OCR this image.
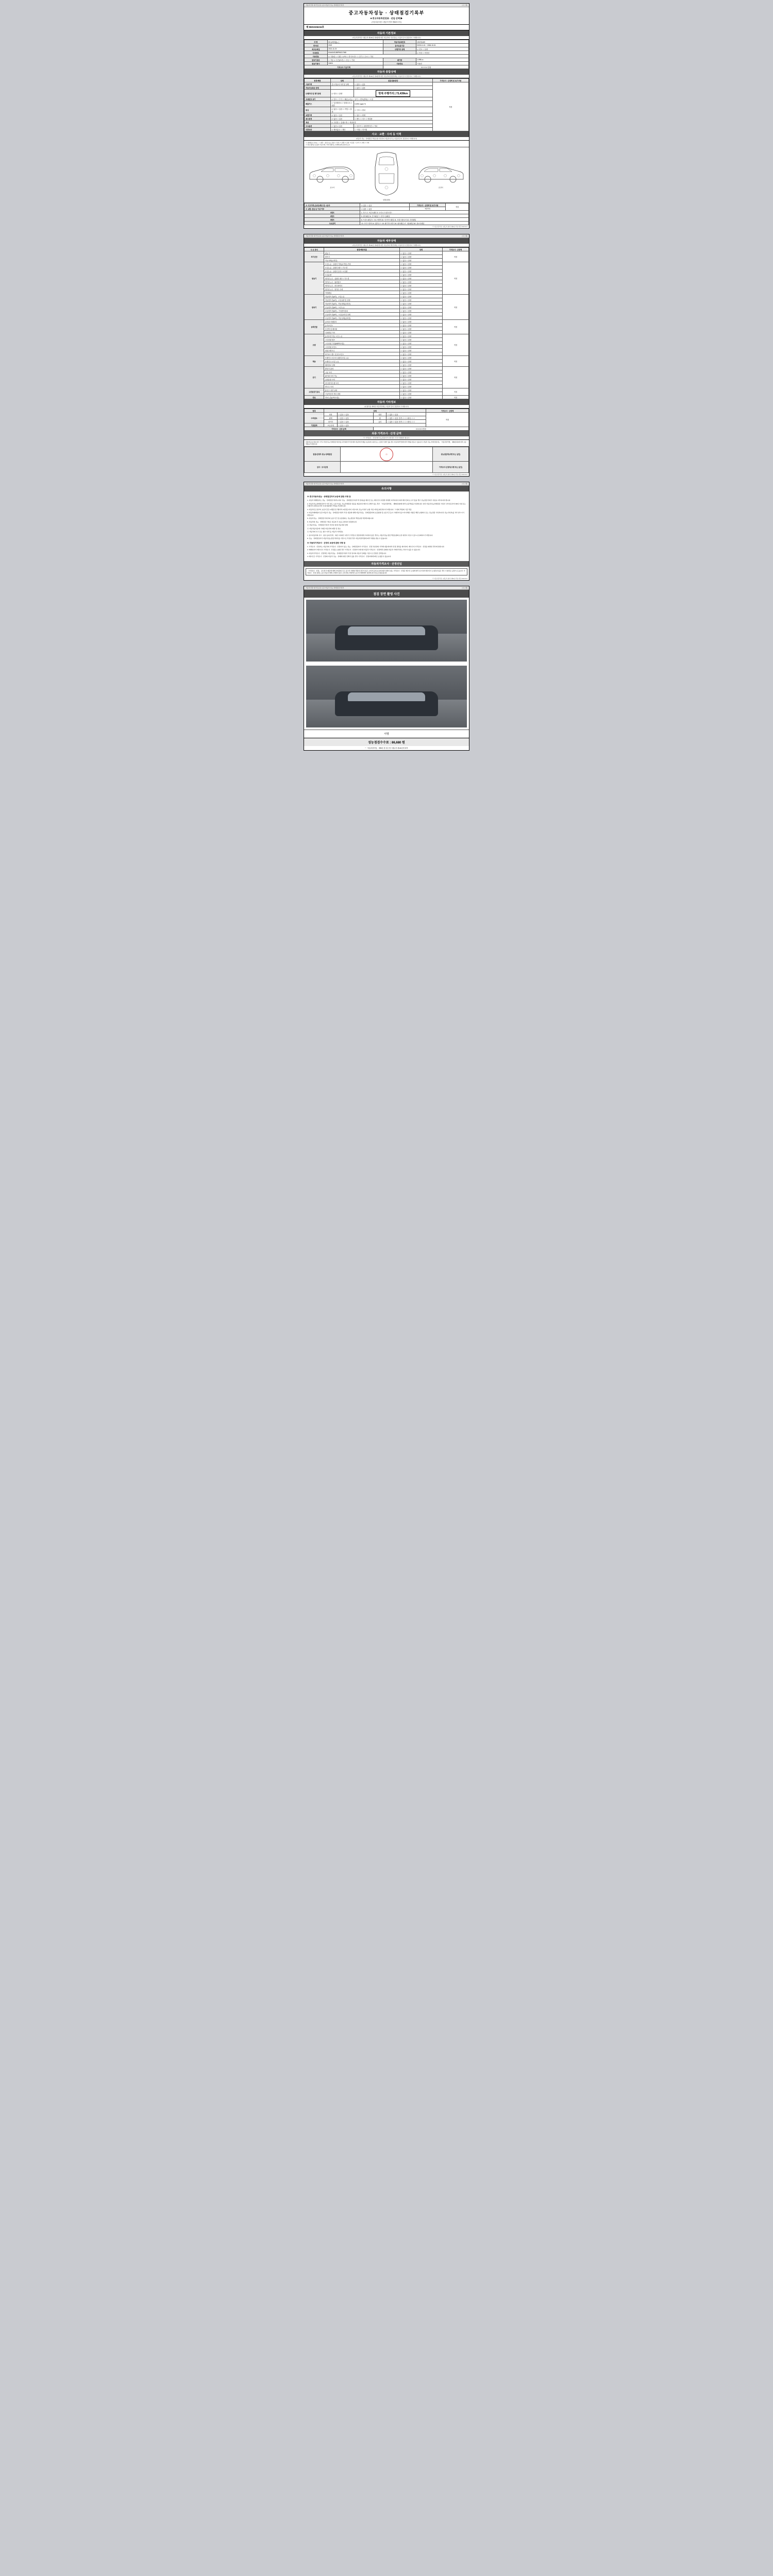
자동차민원 대국민포털 | 중고자동차 성능·상태점검기록부	[시스템]
중고자동차성능 · 상태점검기록부
■ 중고자동차진단표 · 선임 산택 ▶
(자동차관리법 시행규칙 별지 제82호서식)
제 9601026234호
자동차 기본정보
(자동차관리법 시행규칙 제120조 제1항에 따른 자동차의 기본정보는 다음과 같이 점검하여 기재합니다)
차 명	K5 (4세대)[뉴 ]	자동차등록번호	190버1459
연식/년	2022	검사유효기간	2025-11-01 ~ 2026-10-01
최초등록일	2021-11-03	주행거리 상태	☑ 양호 ☐ 불량
차대번호	KNAG4S18BPMG17068		☑ 정상 ☐ 비정상
사용연료	☑ 가솔린 ☐ 디젤 ☐ LPG ☐ 하이브리드 ☐ 전기 ☐ 수소 ☐ 기타		
변속기종류	☐ 자동 ☑ 무단(CVT) ☐ 수동 ☐ 기타	배기량	1,998 cc
원동기형식	G4KN	사용연료	가솔린
가격조사 기준가액		0 0 0 0 0 만원	
자동차 종합상태
(자동차관리법 시행규칙 제120조 제1항에 따른 자동차의 종합상태는 다음과 같이 점검하여 기재합니다)
항목/해당	상태	점검내용/판단	가격조사 · 산정액 및 특기사항
사용이력	중고자동차 이력 및 상태	☐ 없음 ☐ 있음	적정
자동차등록증 상태		☐ 없음 ☐ 있음	
주행거리 및 계기상태	☑ 양호 ☐ 불량	현재 주행거리 | 73,439km	
차대번호 표기	☑ 양호 ☐ 부식 ☐ 훼손(오손) ☐ 상이 ☐ 변조(변타) ☐ 도말		
배출가스	☐ 일산화탄소 ☐ 탄화수소 ☐ 매연	0.03% 1ppm %	
튜닝	☑ 없음 ☐ 있음 ☐ 적법 ☐ 불법	☐ 구조 ☐ 장치	
특별이력	☑ 없음 ☐ 있음	☐ 침수 ☐ 화재	
용도변경	☑ 없음 ☐ 있음	☐ 렌트 ☐ 리스 ☐ 영업용	
색상	☑ 무변경 ☐ 전체도색 ☐ 색상변경		
주요옵션	☐ 없음 ☑ 있음	☐ 선루프 ☐ 내비게이션 ☐ 기타	
리콜대상	☑ 해당없음 ☐ 해당	☐ 이행 ☐ 미이행	
사고 · 교환 · 수리 등 이력
(자동차 성능 · 상태점검 책임보험 가입하여 자동차사고는 다음과 같이 점검하여 기재합니다)
※ (상태표시 부호) : ㄱ.교환 ㄴ.판금 또는 용접 ㄷ.부식 ㄹ.균열 ㅁ.손상 ㅂ.흠집 ㅅ.수리 ㅇ.교체 ㅈ.기타
※ 하단 항목은 승용차 기준이며, 기타 차종이는 상세부분에 준하여 표시
조수석
앞면(전면)
운전석
※ 사고이력 (유/무)/제조 및 시공사	☑ 없음 ☐ 있음	가격조사 · 산정액 및 특기사항	적정
※ 교환, 판금 등 이상 여부	☑ 없음 ☐ 있음	외판부위	
1랭크	1. 후드 2. 프론트팬더 3. 도어 4. 트렁크리드		
2랭크	5. 쿼터패널 6. 루프패널 7. 사이드실패널		
3랭크	8. 프론트패널 9. 크로스멤버 10. 인사이드패널 11. 트렁크플로어 12. 리어패널		
주요골격	13. 사이드멤버 14. 휠하우스 15. 패키지트레이 16. 필러패널 17. 대쉬패널 18. 플로어패널		
※ 자동차관리법 시행규칙 [별지 제82호서식] 개정 2019.8.13
자동차민원 대국민포털 | 중고자동차 성능·상태점검기록부	[시스템]
자동차 세부상태
(자동차관리법 시행규칙 제120조 제1항에 따른 자동차의 세부상태는 다음과 같이 점검하여 기재합니다)
주 요 장치	항목/해당부품	상태	가격조사 · 산정액
자기진단	원동기	☐ 없음 ☐ 불량	적정
	변속기	☐ 없음 ☐ 불량	
	작동상태(공회전)	☐ 없음 ☐ 불량	
원동기	오일누유 - 실린더 커버(로커암) 커버	☐ 없음 ☐ 불량	적정
	오일누유 - 실린더 헤드 / 가스켓	☐ 없음 ☐ 불량	
	오일누유 - 실린더 블록 / 오일팬	☐ 없음 ☐ 불량	
	오일유량	☐ 없음 ☐ 불량	
	냉각수누수 - 실린더 헤드 / 가스켓	☐ 없음 ☐ 불량	
	냉각수누수 - 워터펌프	☐ 없음 ☐ 불량	
	냉각수누수 - 라디에이터	☐ 없음 ☐ 불량	
	냉각수누수 - 냉각수 수량	☐ 없음 ☐ 불량	
	커먼레일	☐ 없음 ☐ 불량	
변속기	자동변속기(A/T) - 오일누유	☐ 없음 ☐ 불량	적정
	자동변속기(A/T) - 오일유량 및 상태	☐ 없음 ☐ 불량	
	자동변속기(A/T) - 작동상태(공회전)	☐ 없음 ☐ 불량	
	수동변속기(M/T) - 오일누유	☐ 없음 ☐ 불량	
	수동변속기(M/T) - 기어변속장치	☐ 없음 ☐ 불량	
	수동변속기(M/T) - 오일유량 및 상태	☐ 없음 ☐ 불량	
	수동변속기(M/T) - 작동상태(공회전)	☐ 없음 ☐ 불량	
동력전달	클러치 어셈블리	☐ 없음 ☐ 불량	적정
	등속조인트	☐ 없음 ☐ 불량	
	추진축 및 베어링	☐ 없음 ☐ 불량	
	디퍼렌셜 기어	☐ 없음 ☐ 불량	
조향	동력조향 작동 오일 누유	☐ 없음 ☐ 불량	적정
	스티어링 펌프	☐ 없음 ☐ 불량	
	스티어링 기어(MDPS포함)	☐ 없음 ☐ 불량	
	스티어링 조인트	☐ 없음 ☐ 불량	
	파워크랭크니	☐ 없음 ☐ 불량	
	타이로드엔드 및 볼 조인트	☐ 없음 ☐ 불량	
제동	브레이크 마스터 실린더오일 누유	☐ 없음 ☐ 불량	적정
	브레이크 오일 누유	☐ 없음 ☐ 불량	
	배력장치 상태	☐ 없음 ☐ 불량	
전기	발전기 출력	☐ 없음 ☐ 불량	적정
	시동 모터	☐ 없음 ☐ 불량	
	와이퍼 모터 기능	☐ 없음 ☐ 불량	
	실내송풍 모터	☐ 없음 ☐ 불량	
	라디에이터 팬 모터	☐ 없음 ☐ 불량	
	윈도우 모터	☐ 없음 ☐ 불량	
고전원전기장치	충전구 절연 상태	☐ 없음 ☐ 불량	적정
	구동축전지 격리 상태	☐ 없음 ☐ 불량	
연료	연료누출(LPG포함)	☐ 없음 ☐ 불량	적정
자동차 기타정보
(위 항목을 제외한 자동차상태는 다음과 같이 점검하여 기재합니다)
항목	상태				가격조사 · 산정액
수리필요	외장	☐ 없음 ☐ 있음	내장	☐ 없음 ☐ 있음	적정
	광택	☐ 없음 ☐ 있음	휠	☐ 없음 ☐ 있음 전/후 ☐ ☐ / 좌/우 ☐ ☐	
	타이어	☐ 없음 ☐ 있음	유리	☐ 없음 ☐ 있음 전/후 ☐ ☐ / 좌/우 ☐ ☐	
기본품목	보유상태	☐ 없음 ☐ 있음			
가격조사 · 산정 금액			0 0 0 0 0 만원		
최종 가격조사 · 산정 금액
※ 가격조사 · 산정자와 성능점검자가 다른경우 각각 서명날인 합니다.
내용에 중요/정보다른 그리고 차량 성능·상태점검기록부를 교부하면서 작성자와 자동차의 상태를 보증하며, 허위 또는 오류의 기재가 있을 경우 자동차관리법에 따라 처벌을 받을 수 있습니다. 자동차 성능·상태 점검자는 「자동차관리법」 제58조의4에 따라 보증책임을 부담합니다.
점검/산정자 성능·상태점검	印	성능점검자(서명 또는 날인)
검사 · 조사산정		가격조사·산정자(서명 또는 날인)
※ 자동차관리법 시행규칙 [별지 제82호서식] 개정 2019.8.13
자동차민원 대국민포털 | 중고자동차 성능·상태점검기록부	[시스템]
유의사항
※ 중고자동차성능 · 상태점검자의 보증에 관한 사항 등

1. 자동차 매매업자는 성능 · 상태점검기록부(이하 "성능 · 상태점검기록부"라 한다)를 매수인 또는 매수인이 지정한 자에게 교부하여야 하며 매수인의 요구가 있을 경우 성능점검기록부 사본을 교부하여야 합니다.

2. 자동차성능상태점검자가 거짓 정도 오류가 있는 성능상태점검 내용을 제공하여 매수인 손해가 있는 경우 「자동차관리법」 제58조의4에 따라 보증책임을 부담합니다. 다만 자동차성능상태점검 기록부 교부일로부터 30일 이내 또는 주행거리 2천킬로미터 이내 범위에서 책임을 부담합니다.

3. 자동차인도일부터 보증기간은 1개월 및 주행거리 2천킬로미터 이상이며, 성능기록부 보험 가입 여부를 확인하시기 바랍니다. 그 밖의 책임의 기준 적용.

4. 자동차매매업자 중고자동차 성능 · 상태점검기록부 작성 내용에 대해 자동차성능 · 상태점검자의 보증범위 및 보증기간 등이 기재되어 있으며 자세한 사항은 해당 보험회사 또는 성능점검 기록부(이하 성능기록부)를 교부 받으시기 바랍니다.

5. 자동차성능 · 상태점검기록부의 보증기간 및 보증범위는 성능점검자 책임보험 약관에 따릅니다.

6. 자동차의 성능 · 상태점검 기록은 다음의 각 호를 포함하여 점검합니다.

① 자동차성능 · 상태점검기록부 작성일 현재 자동차의 상태

② 자동차등록증에 기재된 자동차의 제원 및 정보

③ 자동차의 사고 또는 침수 이력 등 자동차 이력정보

7. 중고자동차의 사고 · 침수 등의 상세 · 교환 고지의무 여부가 가격조사 점검자에게 고지되지 않은 경우는 자동차성능점검 책임보험의 보상 대상이 아닐 수 있으니 유의하시기 바랍니다.

8. 성능 · 상태점검자가 자동차성능점검기록부를 거짓으로 작성한 경우 자동차관리법에 따라 처벌을 받을 수 있습니다.

※ 자동차가격조사 · 산정의 보증에 관한 사항 등

1. 가격조사 · 산정자는 자동차의 가격조사 · 산정자가 있는 성능 · 상태점검자가 가격조사 · 산정 부분한의 가격에 내용에 따라 산정 결과를 제시하며, 매수인이 가격조사 · 산정을 의뢰한 경우에 한합니다.

2. 매매업자가 매수인이 가격조사 · 산정을 요청한 경우 가격조사 · 산정자가 제시한 자동차 가격조사 · 산정액과 실제의 자동차 거래가격과는 차이가 있을 수 있습니다.

3. 자동차가격조사 · 산정액은 자동차성능 · 상태점검기록부 작성 당시의 자동차 상태를 기준으로 산정한 금액입니다.

4. 매수인은 가격조사 · 산정의 자동차 성능 · 상태에 대한 인해가 있을 경우 가격조사 · 산정자에게 확인 요청할 수 있습니다.

자동차가격조사 · 산정선임
「가격조사 · 산정」 실시되기 때문에 매매 사업장의 모든 중고차 거래의 객관성 판단이 있고 소비자 동의 보호에 의한 설명이 없는 가격조사 · 산정은 매수인 요청에 따라 실시하며 매수인이 요청하지 않은 경우 이 항목은 공란으로 둡니다. 가격조사 · 산정 결과는 중고자동차 매매 구매력이 없고 소비자의 자체적인 중고차 매매계약 결정에 참고자료로 활용됩니다.
※ 자동차관리법 시행규칙 [별지 제82호서식] 개정 2019.8.13
자동차민원 대국민포털 | 중고자동차 성능·상태점검기록부	[시스템]
점검 장면 촬영 사진
서명
성능점검수수료 : 86,680 원
* 「자동차관리법」 제58조 및 같은 법 시행규칙 제120조에 따라
